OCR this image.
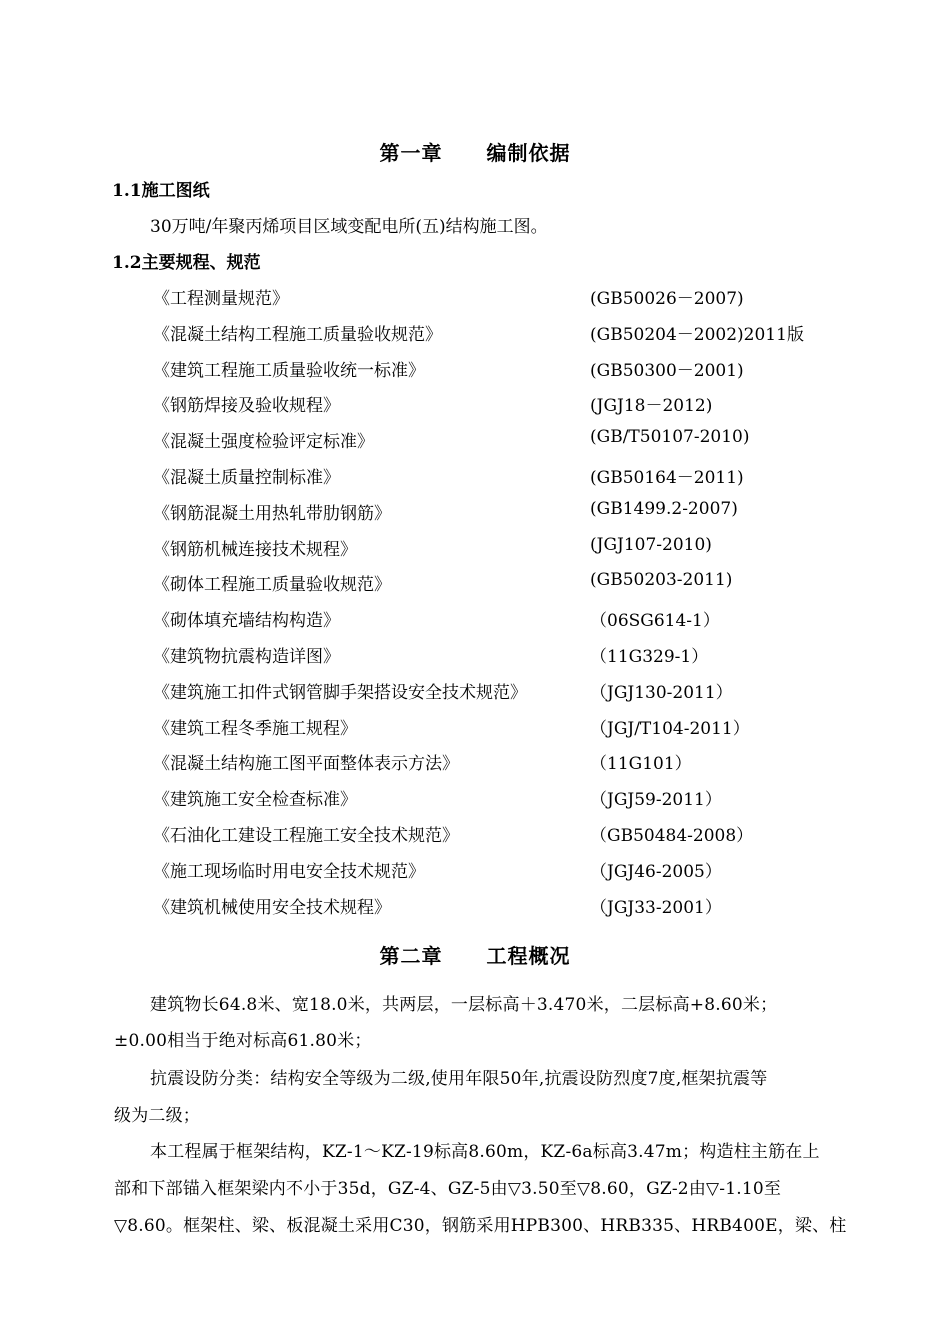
第一章 编制依据
1.1施工图纸
30万吨/年聚丙烯项目区域变配电所(五)结构施工图。
1.2主要规程、规范
《工程测量规范》	(GB50026－2007)
《混凝土结构工程施工质量验收规范》	(GB50204－2002)2011版
《建筑工程施工质量验收统一标准》	(GB50300－2001)
《钢筋焊接及验收规程》	(JGJ18－2012)
《混凝土强度检验评定标准》	(GB/T50107-2010)
《混凝土质量控制标准》	(GB50164－2011)
《钢筋混凝土用热轧带肋钢筋》	(GB1499.2-2007)
《钢筋机械连接技术规程》	(JGJ107-2010)
《砌体工程施工质量验收规范》	(GB50203-2011)
《砌体填充墙结构构造》	（06SG614-1）
《建筑物抗震构造详图》	（11G329-1）
《建筑施工扣件式钢管脚手架搭设安全技术规范》	（JGJ130-2011）
《建筑工程冬季施工规程》	（JGJ/T104-2011）
《混凝土结构施工图平面整体表示方法》	（11G101）
《建筑施工安全检查标准》	（JGJ59-2011）
《石油化工建设工程施工安全技术规范》	（GB50484-2008）
《施工现场临时用电安全技术规范》	（JGJ46-2005）
《建筑机械使用安全技术规程》	（JGJ33-2001）
第二章 工程概况
建筑物长64.8米、宽18.0米，共两层，一层标高＋3.470米，二层标高+8.60米；
±0.00相当于绝对标高61.80米；
抗震设防分类：结构安全等级为二级,使用年限50年,抗震设防烈度7度,框架抗震等
级为二级；
本工程属于框架结构，KZ-1～KZ-19标高8.60m，KZ-6a标高3.47m；构造柱主筋在上
部和下部锚入框架梁内不小于35d，GZ-4、GZ-5由▽3.50至▽8.60，GZ-2由▽-1.10至
▽8.60。框架柱、梁、板混凝土采用C30，钢筋采用HPB300、HRB335、HRB400E，梁、柱
